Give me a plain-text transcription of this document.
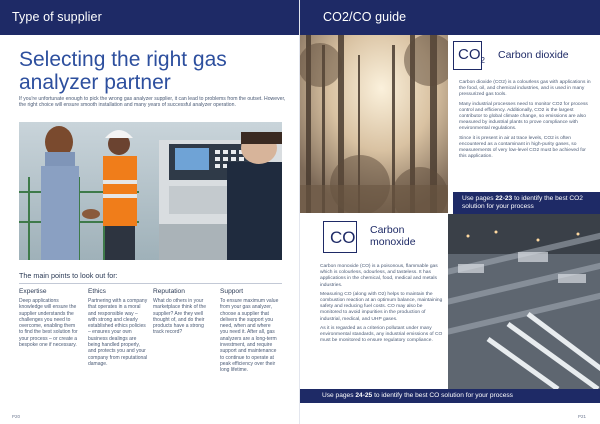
Type of supplier
Selecting the right gas analyzer partner
If you're unfortunate enough to pick the wrong gas analyzer supplier, it can lead to problems from the outset. However, the right choice will ensure smooth installation and many years of successful analyzer operation.
The main points to look out for:
Expertise
Deep applications knowledge will ensure the supplier understands the challenges you need to overcome, enabling them to find the best solution for your process – or create a bespoke one if necessary.
Ethics
Partnering with a company that operates in a moral and responsible way – with strong and clearly established ethics policies – ensures your own business dealings are being handled properly, and protects you and your company from reputational damage.
Reputation
What do others in your marketplace think of the supplier? Are they well thought of, and do their products have a strong track record?
Support
To ensure maximum value from your gas analyzer, choose a supplier that delivers the support you need, when and where you need it. After all, gas analyzers are a long-term investment, and require support and maintenance to continue to operate at peak efficiency over their long lifetime.
P20
CO2/CO guide
$CO_2$ Carbon dioxide

Carbon dioxide (CO2) is a colourless gas with applications in the food, oil, and chemical industries, and is used in many pressurized gas tools.

Many industrial processes need to monitor CO2 for process control and efficiency. Additionally, CO2 is the largest contributor to global climate change, so emissions are also measured by industrial plants to prove compliance with environmental regulations.

Since it is present in air at trace levels, CO2 is often encountered as a contaminant in high-purity gases, so measurements of very low-level CO2 must be achieved for this application.

Use pages 22-23 to identify the best CO2 solution for your process
CO Carbon monoxide

Carbon monoxide (CO) is a poisonous, flammable gas which is colourless, odourless, and tasteless. It has applications in the chemical, food, medical and metals industries.

Measuring CO (along with O2) helps to maintain the combustion reaction at an optimum balance, maintaining safety and reducing fuel costs. CO may also be monitored to avoid impurities in the production of industrial, medical, and UHP gases.

As it is regarded as a criterion pollutant under many environmental standards, any industrial emissions of CO must be monitored to ensure regulatory compliance.

Use pages 24-25 to identify the best CO solution for your process
P21
